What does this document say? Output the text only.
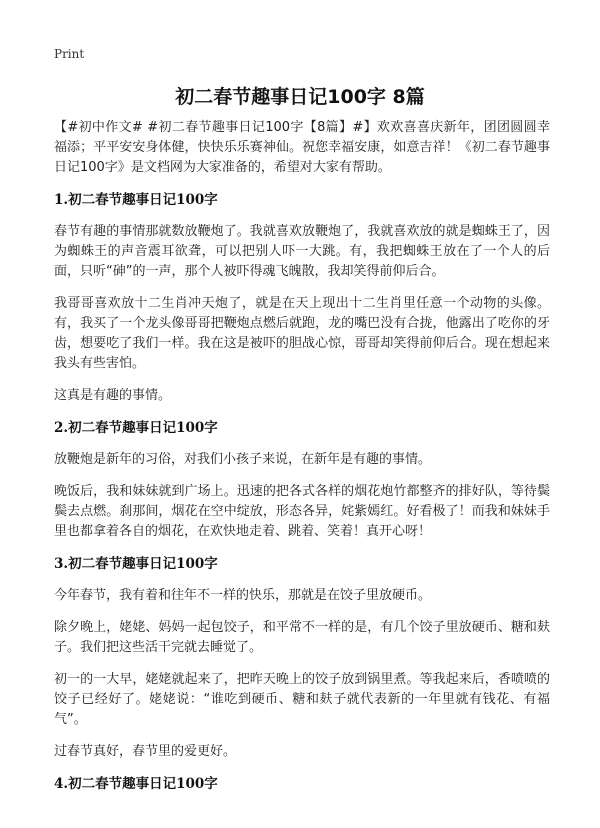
Print
初二春节趣事日记100字 8篇

【#初中作文# #初二春节趣事日记100字【8篇】#】欢欢喜喜庆新年，团团圆圆幸福添；平平安安身体健，快快乐乐赛神仙。祝您幸福安康，如意吉祥！《初二春节趣事日记100字》是文档网为大家准备的，希望对大家有帮助。

1.初二春节趣事日记100字

春节有趣的事情那就数放鞭炮了。我就喜欢放鞭炮了，我就喜欢放的就是蜘蛛王了，因为蜘蛛王的声音震耳欲聋，可以把别人吓一大跳。有，我把蜘蛛王放在了一个人的后面，只听“砷”的一声，那个人被吓得魂飞魄散，我却笑得前仰后合。

我哥哥喜欢放十二生肖冲天炮了，就是在天上现出十二生肖里任意一个动物的头像。有，我买了一个龙头像哥哥把鞭炮点燃后就跑，龙的嘴巴没有合拢，他露出了吃你的牙齿，想要吃了我们一样。我在这是被吓的胆战心惊，哥哥却笑得前仰后合。现在想起来我头有些害怕。

这真是有趣的事情。

2.初二春节趣事日记100字

放鞭炮是新年的习俗，对我们小孩子来说，在新年是有趣的事情。

晚饭后，我和妹妹就到广场上。迅速的把各式各样的烟花炮竹都整齐的排好队，等待鬓鬓去点燃。刹那间，烟花在空中绽放，形态各异，姹紫嫣红。好看极了！而我和妹妹手里也都拿着各自的烟花，在欢快地走着、跳着、笑着！真开心呀！

3.初二春节趣事日记100字

今年春节，我有着和往年不一样的快乐，那就是在饺子里放硬币。

除夕晚上，姥姥、妈妈一起包饺子，和平常不一样的是，有几个饺子里放硬币、糖和麸子。我们把这些活干完就去睡觉了。

初一的一大早，姥姥就起来了，把昨天晚上的饺子放到锅里煮。等我起来后，香喷喷的饺子已经好了。姥姥说：“谁吃到硬币、糖和麸子就代表新的一年里就有钱花、有福气”。

过春节真好，春节里的爱更好。

4.初二春节趣事日记100字
